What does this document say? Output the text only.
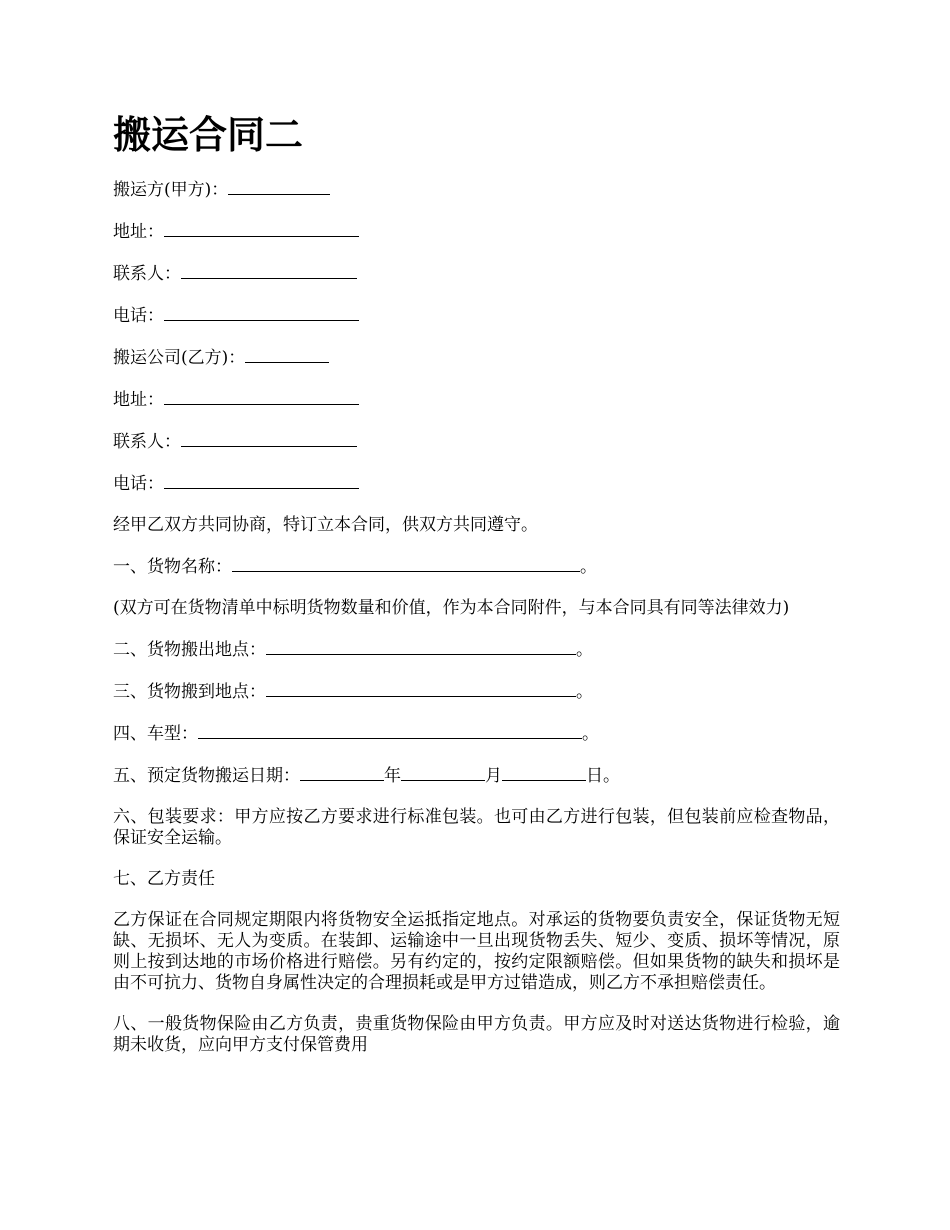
搬运合同二
搬运方(甲方)：
地址：
联系人：
电话：
搬运公司(乙方)：
地址：
联系人：
电话：
经甲乙双方共同协商，特订立本合同，供双方共同遵守。
一、货物名称：	。
(双方可在货物清单中标明货物数量和价值，作为本合同附件，与本合同具有同等法律效力)
二、货物搬出地点：	。
三、货物搬到地点：	。
四、车型：	。
五、预定货物搬运日期：	年	月	日。
六、包装要求：甲方应按乙方要求进行标准包装。也可由乙方进行包装，但包装前应检查物品，保证安全运输。
七、乙方责任
乙方保证在合同规定期限内将货物安全运抵指定地点。对承运的货物要负责安全，保证货物无短缺、无损坏、无人为变质。在装卸、运输途中一旦出现货物丢失、短少、变质、损坏等情况，原则上按到达地的市场价格进行赔偿。另有约定的，按约定限额赔偿。但如果货物的缺失和损坏是由不可抗力、货物自身属性决定的合理损耗或是甲方过错造成，则乙方不承担赔偿责任。
八、一般货物保险由乙方负责，贵重货物保险由甲方负责。甲方应及时对送达货物进行检验，逾期未收货，应向甲方支付保管费用
